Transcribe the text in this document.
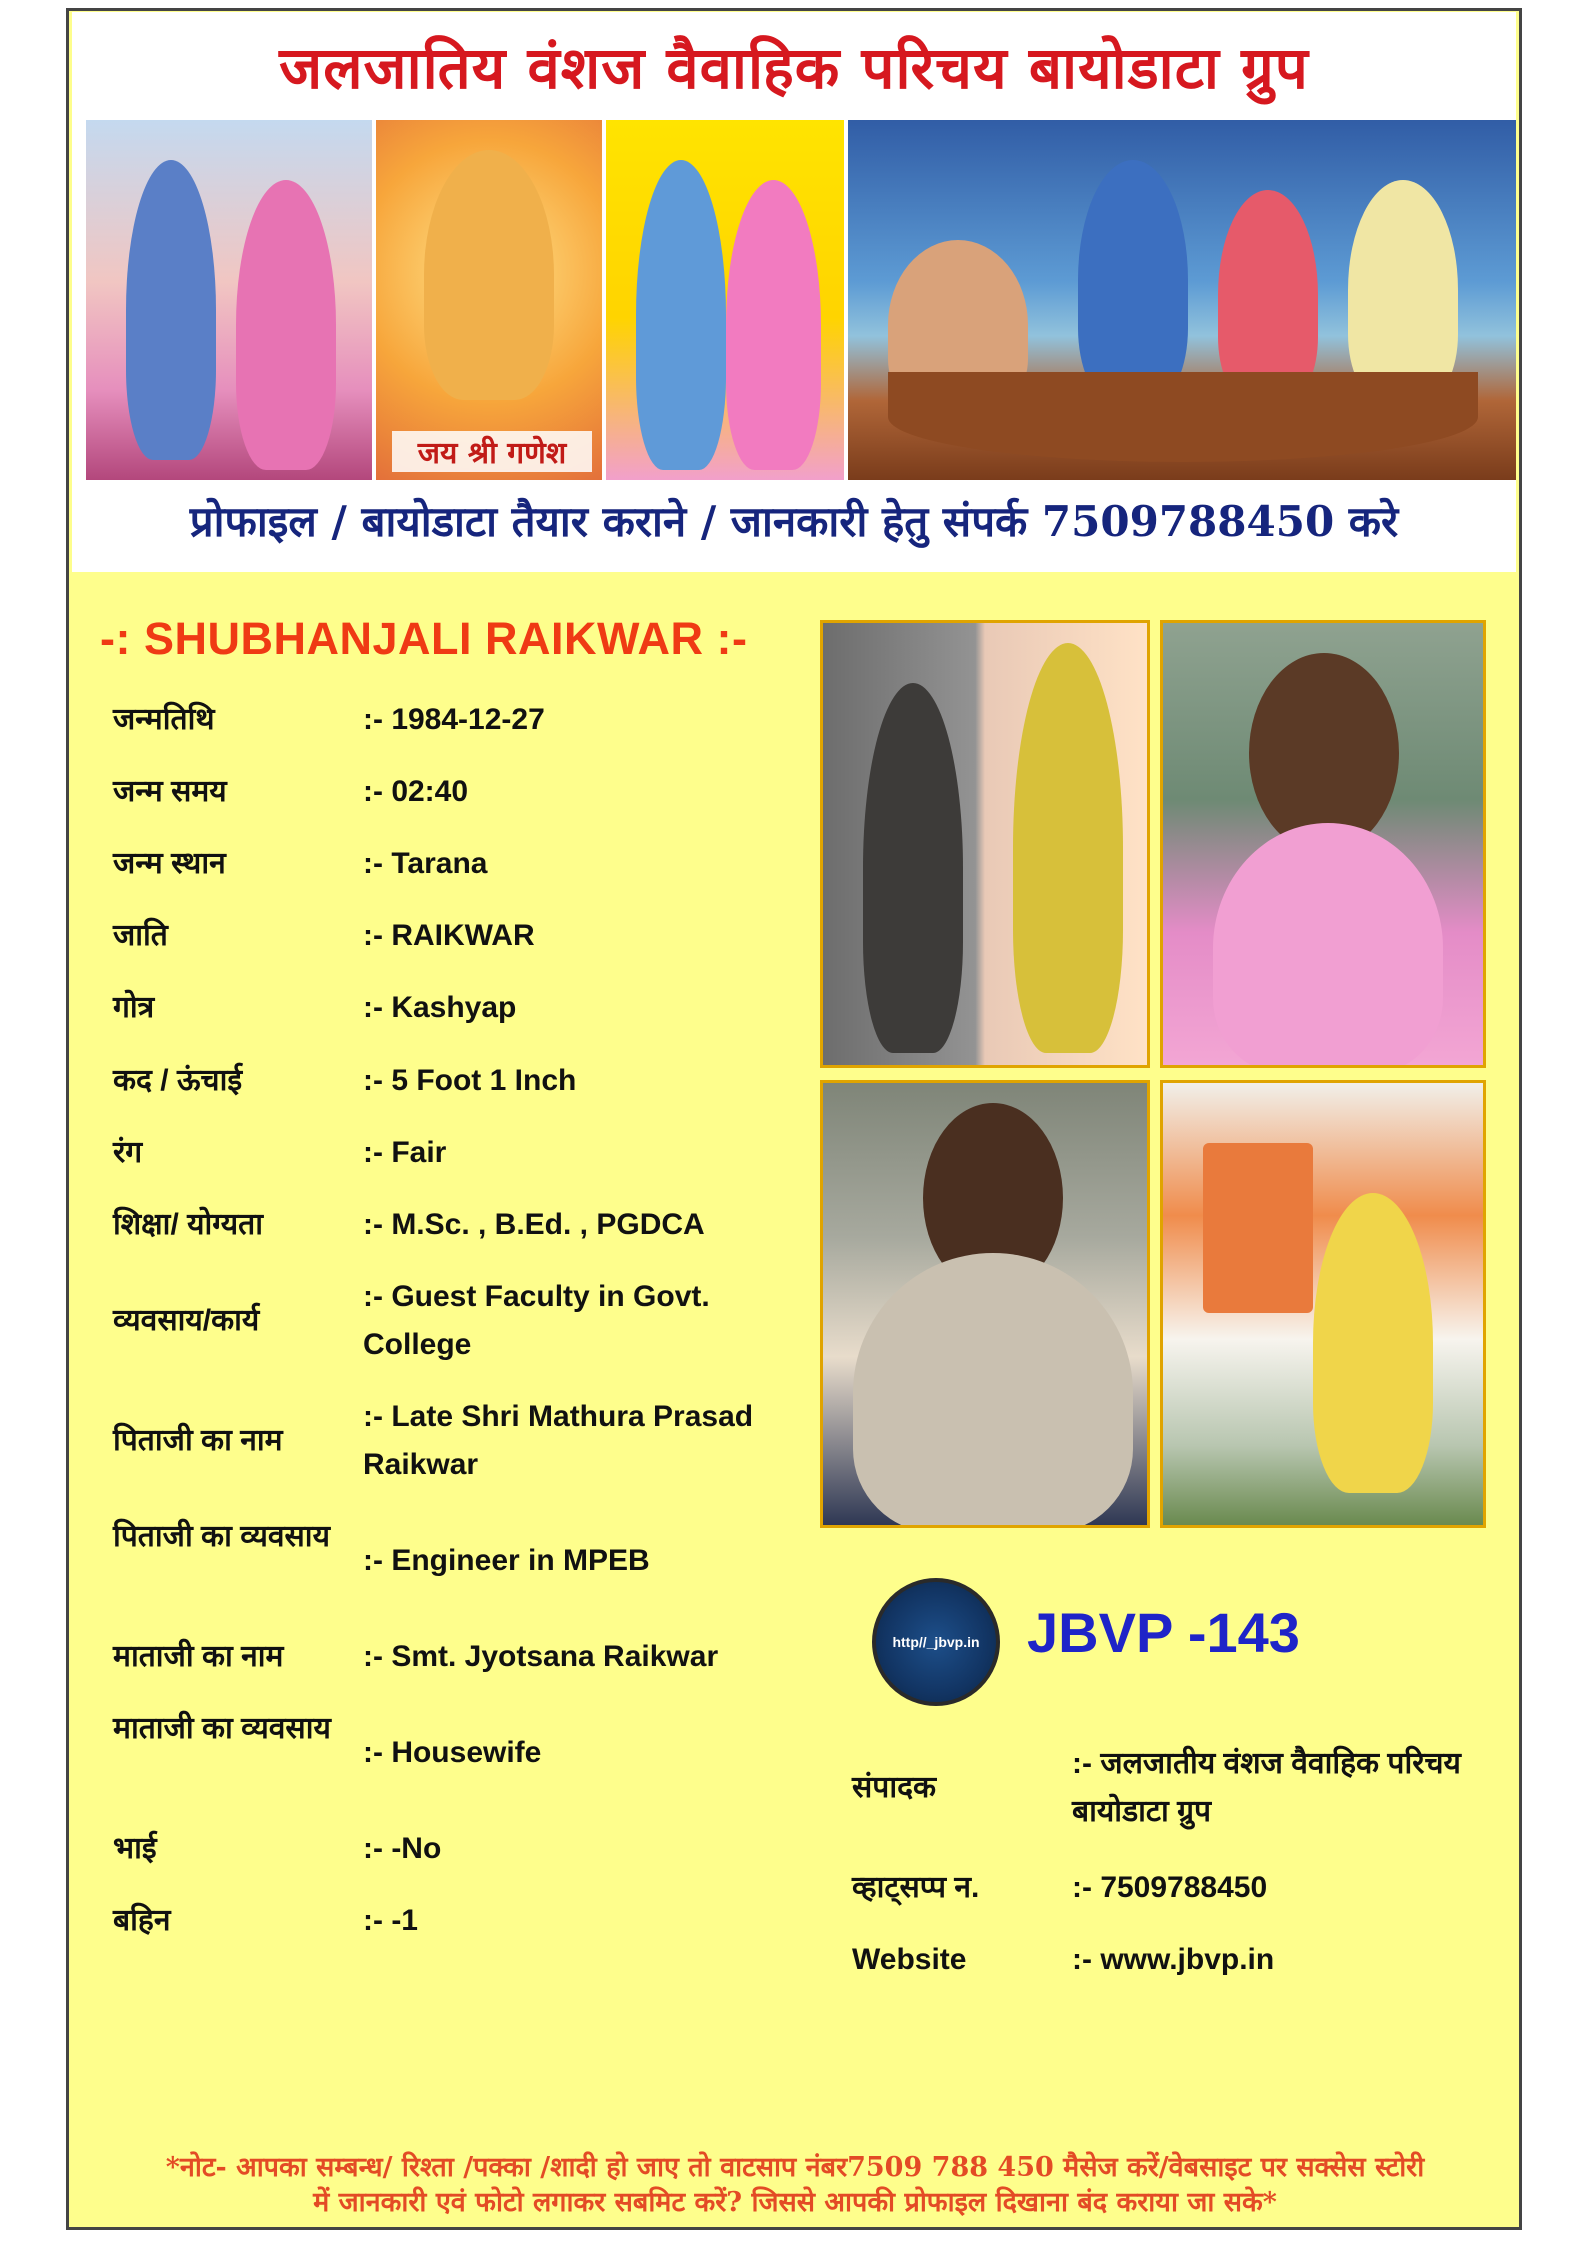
जलजातिय वंशज वैवाहिक परिचय बायोडाटा ग्रुप
जय श्री गणेश
प्रोफाइल / बायोडाटा तैयार कराने / जानकारी हेतु संपर्क 7509788450 करे
-: SHUBHANJALI RAIKWAR :-
जन्मतिथि	:- 1984-12-27
जन्म समय	:- 02:40
जन्म स्थान	:- Tarana
जाति	:- RAIKWAR
गोत्र	:- Kashyap
कद / ऊंचाई	:- 5 Foot 1 Inch
रंग	:- Fair
शिक्षा/ योग्यता	:- M.Sc. , B.Ed. , PGDCA
व्यवसाय/कार्य
:- Guest Faculty in Govt. College
पिताजी का नाम
:- Late Shri Mathura Prasad Raikwar
पिताजी का व्यवसाय
:- Engineer in MPEB
माताजी का नाम	:- Smt. Jyotsana Raikwar
माताजी का व्यवसाय
:- Housewife
भाई	:- -No
बहिन	:- -1
http//_jbvp.in JBVP -143
संपादक
:- जलजातीय वंशज वैवाहिक परिचय बायोडाटा ग्रुप
व्हाट्सप्प न.	:- 7509788450
Website	:- www.jbvp.in
*नोट- आपका सम्बन्ध/ रिश्ता /पक्का /शादी हो जाए तो वाटसाप नंबर7509 788 450 मैसेज करें/वेबसाइट पर सक्सेस स्टोरी
में जानकारी एवं फोटो लगाकर सबमिट करें? जिससे आपकी प्रोफाइल दिखाना बंद कराया जा सके*
